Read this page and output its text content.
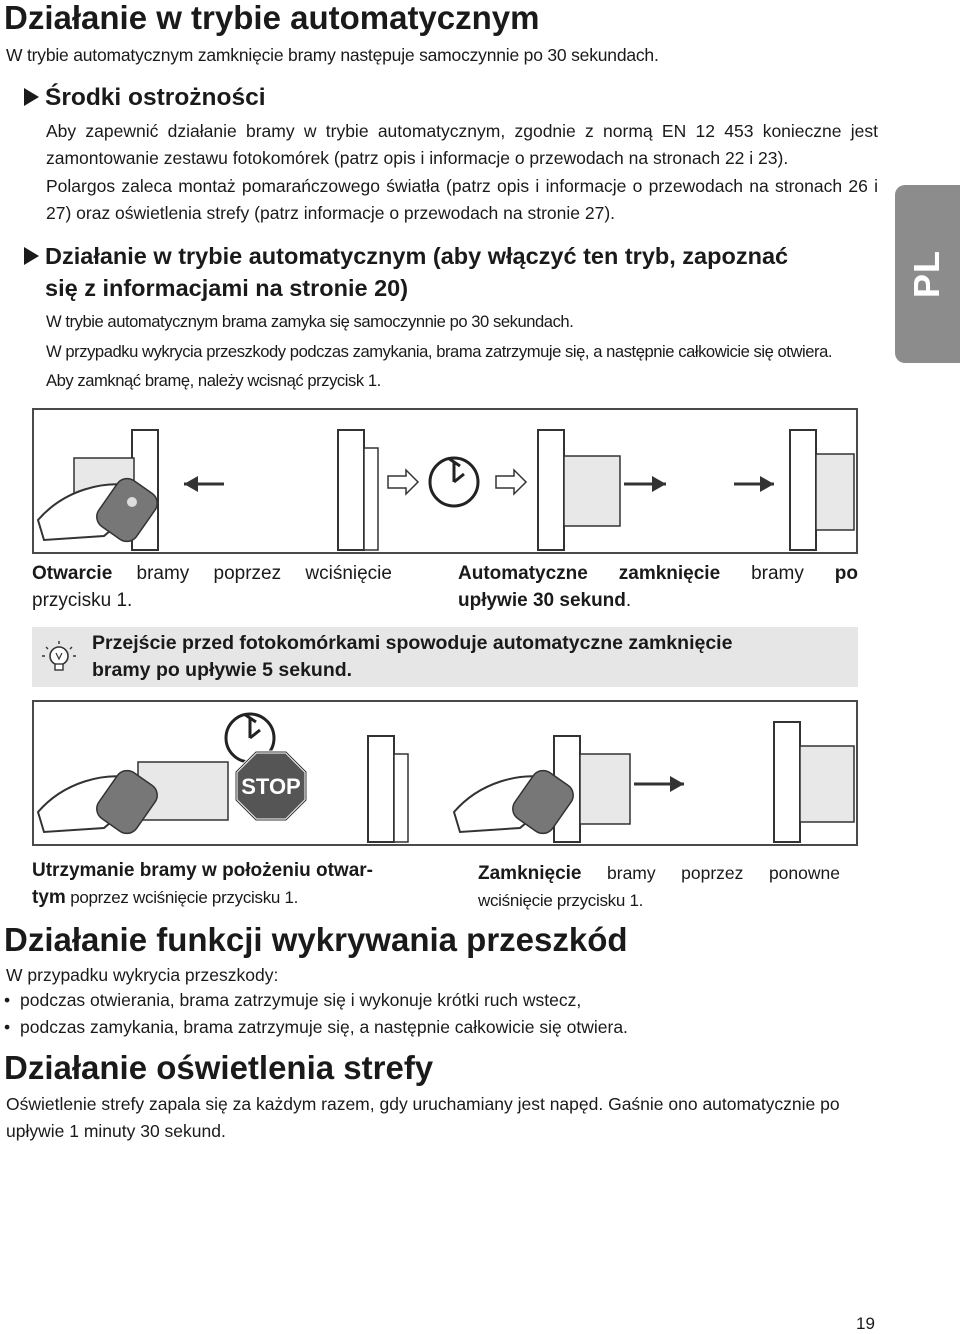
Działanie w trybie automatycznym

W trybie automatycznym zamknięcie bramy następuje samoczynnie po 30 sekundach.

Środki ostrożności

Aby zapewnić działanie bramy w trybie automatycznym, zgodnie z normą EN 12 453 konieczne jest zamontowanie zestawu fotokomórek (patrz opis i informacje o przewodach na stronach 22 i 23).

Polargos zaleca montaż pomarańczowego światła (patrz opis i informacje o przewodach na stronach 26 i 27) oraz oświetlenia strefy (patrz informacje o przewodach na stronie 27).

Działanie w trybie automatycznym (aby włączyć ten tryb, zapoznać
się z informacjami na stronie 20)

W trybie automatycznym brama zamyka się samoczynnie po 30 sekundach.

W przypadku wykrycia przeszkody podczas zamykania, brama zatrzymuje się, a następnie całkowicie się otwiera.

Aby zamknąć bramę, należy wcisnąć przycisk 1.

PL
Otwarcie bramy poprzez wciśnięcie
przycisku 1.
Automatyczne zamknięcie bramy po
upływie 30 sekund.
Przejście przed fotokomórkami spowoduje automatyczne zamknięcie
bramy po upływie 5 sekund.
STOP
Utrzymanie bramy w położeniu otwar-
tym poprzez wciśnięcie przycisku 1.
Zamknięcie bramy poprzez ponowne
wciśnięcie przycisku 1.
Działanie funkcji wykrywania przeszkód

W przypadku wykrycia przeszkody:

• podczas otwierania, brama zatrzymuje się i wykonuje krótki ruch wstecz,
• podczas zamykania, brama zatrzymuje się, a następnie całkowicie się otwiera.
Działanie oświetlenia strefy

Oświetlenie strefy zapala się za każdym razem, gdy uruchamiany jest napęd. Gaśnie ono automatycznie po upływie 1 minuty 30 sekund.

19
